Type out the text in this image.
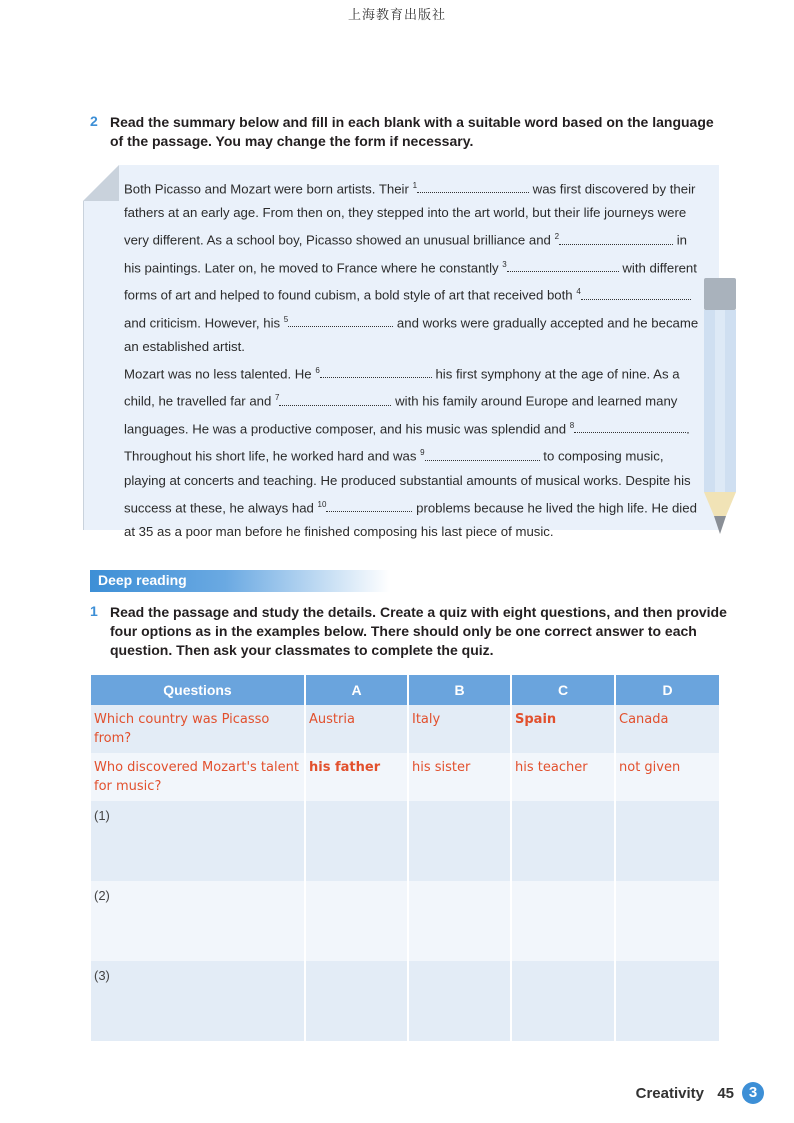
上海教育出版社
2 Read the summary below and fill in each blank with a suitable word based on the language of the passage. You may change the form if necessary.

Both Picasso and Mozart were born artists. Their $^1$	was first discovered by their fathers at an early age. From then on, they stepped into the art world, but their life journeys were very different. As a school boy, Picasso showed an unusual brilliance and $^2$	in his paintings. Later on, he moved to France where he constantly $^3$	with different forms of art and helped to found cubism, a bold style of art that received both $^4$ and criticism. However, his $^5$	and works were gradually accepted and he became an established artist.

Mozart was no less talented. He $^6$	his first symphony at the age of nine. As a child, he travelled far and $^7$	with his family around Europe and learned many languages. He was a productive composer, and his music was splendid and $^8$	. Throughout his short life, he worked hard and was $^9$	to composing music, playing at concerts and teaching. He produced substantial amounts of musical works. Despite his success at these, he always had $^{10}$	problems because he lived the high life. He died at 35 as a poor man before he finished composing his last piece of music.

Deep reading
1 Read the passage and study the details. Create a quiz with eight questions, and then provide four options as in the examples below. There should only be one correct answer to each question. Then ask your classmates to complete the quiz.
Questions	A	B	C	D
Which country was Picasso from?	Austria	Italy	Spain	Canada
Who discovered Mozart's talent for music?	his father	his sister	his teacher	not given
(1)				
(2)				
(3)				
Creativity 45 3
